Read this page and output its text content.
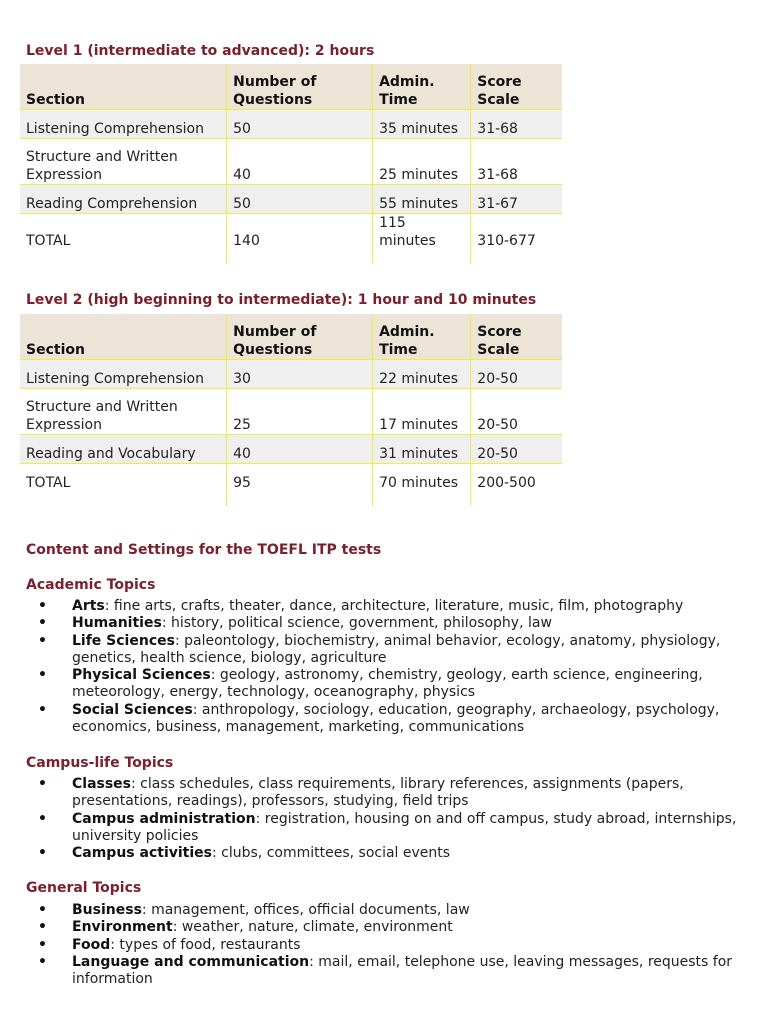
Level 1 (intermediate to advanced): 2 hours
Section	Number of Questions	Admin. Time	Score Scale
Listening Comprehension	50	35 minutes	31-68
Structure and Written Expression	40	25 minutes	31-68
Reading Comprehension	50	55 minutes	31-67
TOTAL	140	115 minutes	310-677
Level 2 (high beginning to intermediate): 1 hour and 10 minutes
Section	Number of Questions	Admin. Time	Score Scale
Listening Comprehension	30	22 minutes	20-50
Structure and Written Expression	25	17 minutes	20-50
Reading and Vocabulary	40	31 minutes	20-50
TOTAL	95	70 minutes	200-500
Content and Settings for the TOEFL ITP tests
Academic Topics
• Arts: fine arts, crafts, theater, dance, architecture, literature, music, film, photography
• Humanities: history, political science, government, philosophy, law
• Life Sciences: paleontology, biochemistry, animal behavior, ecology, anatomy, physiology, genetics, health science, biology, agriculture
• Physical Sciences: geology, astronomy, chemistry, geology, earth science, engineering, meteorology, energy, technology, oceanography, physics
• Social Sciences: anthropology, sociology, education, geography, archaeology, psychology, economics, business, management, marketing, communications
Campus-life Topics
• Classes: class schedules, class requirements, library references, assignments (papers, presentations, readings), professors, studying, field trips
• Campus administration: registration, housing on and off campus, study abroad, internships, university policies
• Campus activities: clubs, committees, social events
General Topics
• Business: management, offices, official documents, law
• Environment: weather, nature, climate, environment
• Food: types of food, restaurants
• Language and communication: mail, email, telephone use, leaving messages, requests for information
